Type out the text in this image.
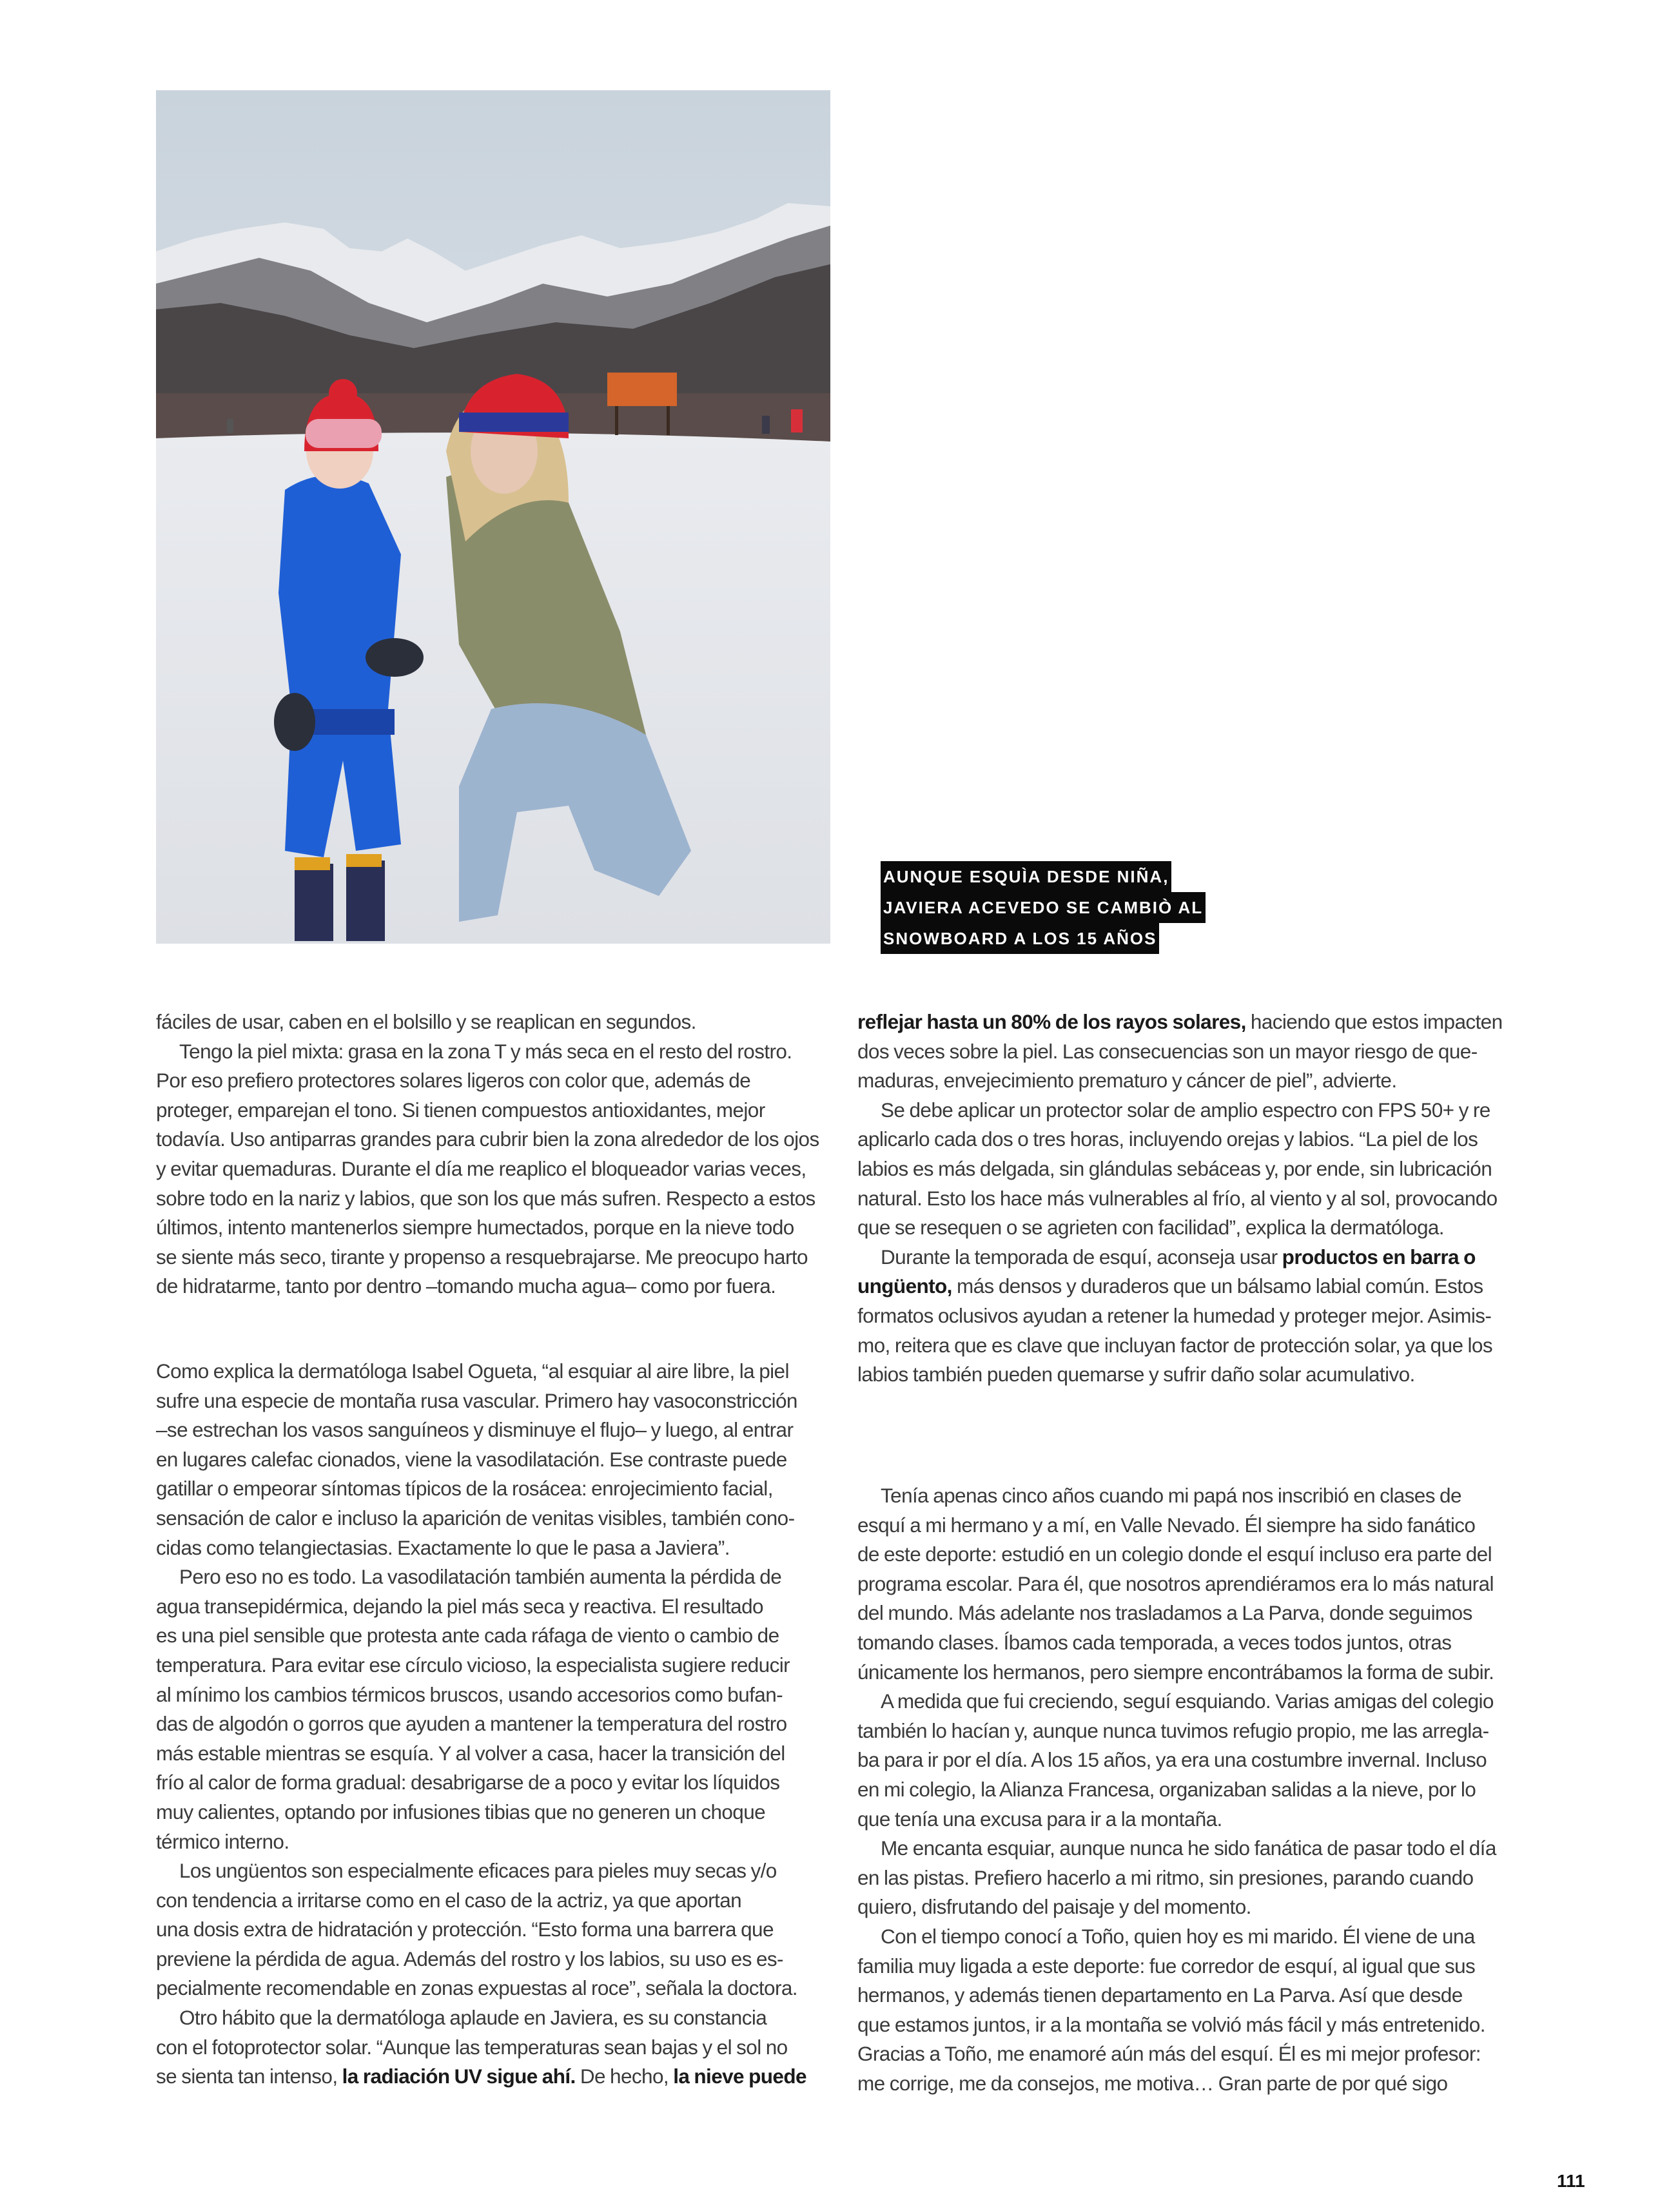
AUNQUE ESQUÌA DESDE NIÑA,
JAVIERA ACEVEDO SE CAMBIÒ AL
SNOWBOARD A LOS 15 AÑOS
fáciles de usar, caben en el bolsillo y se reaplican en segundos.
Tengo la piel mixta: grasa en la zona T y más seca en el resto del rostro.
Por eso prefiero protectores solares ligeros con color que, además de
proteger, emparejan el tono. Si tienen compuestos antioxidantes, mejor
todavía. Uso antiparras grandes para cubrir bien la zona alrededor de los ojos
y evitar quemaduras. Durante el día me reaplico el bloqueador varias veces,
sobre todo en la nariz y labios, que son los que más sufren. Respecto a estos
últimos, intento mantenerlos siempre humectados, porque en la nieve todo
se siente más seco, tirante y propenso a resquebrajarse. Me preocupo harto
de hidratarme, tanto por dentro –tomando mucha agua– como por fuera.
Como explica la dermatóloga Isabel Ogueta, “al esquiar al aire libre, la piel
sufre una especie de montaña rusa vascular. Primero hay vasoconstricción
–se estrechan los vasos sanguíneos y disminuye el flujo– y luego, al entrar
en lugares calefac cionados, viene la vasodilatación. Ese contraste puede
gatillar o empeorar síntomas típicos de la rosácea: enrojecimiento facial,
sensación de calor e incluso la aparición de venitas visibles, también cono-
cidas como telangiectasias. Exactamente lo que le pasa a Javiera”.
Pero eso no es todo. La vasodilatación también aumenta la pérdida de
agua transepidérmica, dejando la piel más seca y reactiva. El resultado
es una piel sensible que protesta ante cada ráfaga de viento o cambio de
temperatura. Para evitar ese círculo vicioso, la especialista sugiere reducir
al mínimo los cambios térmicos bruscos, usando accesorios como bufan-
das de algodón o gorros que ayuden a mantener la temperatura del rostro
más estable mientras se esquía. Y al volver a casa, hacer la transición del
frío al calor de forma gradual: desabrigarse de a poco y evitar los líquidos
muy calientes, optando por infusiones tibias que no generen un choque
térmico interno.
Los ungüentos son especialmente eficaces para pieles muy secas y/o
con tendencia a irritarse como en el caso de la actriz, ya que aportan
una dosis extra de hidratación y protección. “Esto forma una barrera que
previene la pérdida de agua. Además del rostro y los labios, su uso es es-
pecialmente recomendable en zonas expuestas al roce”, señala la doctora.
Otro hábito que la dermatóloga aplaude en Javiera, es su constancia
con el fotoprotector solar. “Aunque las temperaturas sean bajas y el sol no
se sienta tan intenso, la radiación UV sigue ahí. De hecho, la nieve puede
reflejar hasta un 80% de los rayos solares, haciendo que estos impacten
dos veces sobre la piel. Las consecuencias son un mayor riesgo de que-
maduras, envejecimiento prematuro y cáncer de piel”, advierte.
Se debe aplicar un protector solar de amplio espectro con FPS 50+ y re
aplicarlo cada dos o tres horas, incluyendo orejas y labios. “La piel de los
labios es más delgada, sin glándulas sebáceas y, por ende, sin lubricación
natural. Esto los hace más vulnerables al frío, al viento y al sol, provocando
que se resequen o se agrieten con facilidad”, explica la dermatóloga.
Durante la temporada de esquí, aconseja usar productos en barra o
ungüento, más densos y duraderos que un bálsamo labial común. Estos
formatos oclusivos ayudan a retener la humedad y proteger mejor. Asimis-
mo, reitera que es clave que incluyan factor de protección solar, ya que los
labios también pueden quemarse y sufrir daño solar acumulativo.
Tenía apenas cinco años cuando mi papá nos inscribió en clases de
esquí a mi hermano y a mí, en Valle Nevado. Él siempre ha sido fanático
de este deporte: estudió en un colegio donde el esquí incluso era parte del
programa escolar. Para él, que nosotros aprendiéramos era lo más natural
del mundo. Más adelante nos trasladamos a La Parva, donde seguimos
tomando clases. Íbamos cada temporada, a veces todos juntos, otras
únicamente los hermanos, pero siempre encontrábamos la forma de subir.
A medida que fui creciendo, seguí esquiando. Varias amigas del colegio
también lo hacían y, aunque nunca tuvimos refugio propio, me las arregla-
ba para ir por el día. A los 15 años, ya era una costumbre invernal. Incluso
en mi colegio, la Alianza Francesa, organizaban salidas a la nieve, por lo
que tenía una excusa para ir a la montaña.
Me encanta esquiar, aunque nunca he sido fanática de pasar todo el día
en las pistas. Prefiero hacerlo a mi ritmo, sin presiones, parando cuando
quiero, disfrutando del paisaje y del momento.
Con el tiempo conocí a Toño, quien hoy es mi marido. Él viene de una
familia muy ligada a este deporte: fue corredor de esquí, al igual que sus
hermanos, y además tienen departamento en La Parva. Así que desde
que estamos juntos, ir a la montaña se volvió más fácil y más entretenido.
Gracias a Toño, me enamoré aún más del esquí. Él es mi mejor profesor:
me corrige, me da consejos, me motiva… Gran parte de por qué sigo
111
